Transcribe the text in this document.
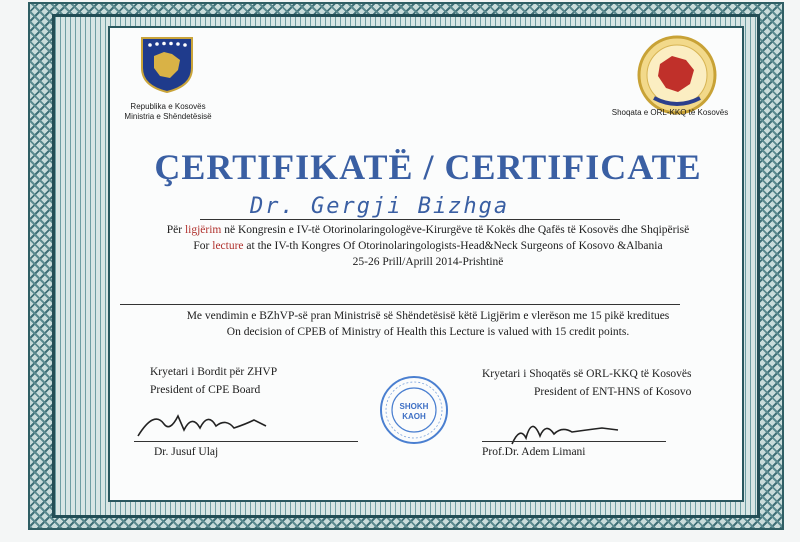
Republika e Kosovës
Ministria e Shëndetësisë	Shoqata e ORL-KKQ të Kosovës
ÇERTIFIKATË / CERTIFICATE
Dr. Gergji Bizhga
Për ligjërim në Kongresin e IV-të Otorinolaringologëve-Kirurgëve të Kokës dhe Qafës të Kosovës dhe Shqipërisë
For lecture at the IV-th Kongres Of Otorinolaringologists-Head&Neck Surgeons of Kosovo &Albania
25-26 Prill/Aprill 2014-Prishtinë
Me vendimin e BZhVP-së pran Ministrisë së Shëndetësisë këtë Ligjërim e vlerëson me 15 pikë kreditues
On decision of CPEB of Ministry of Health this Lecture is valued with 15 credit points.
Kryetari i Bordit për ZHVP
President of CPE Board
Dr. Jusuf Ulaj
SHOKH KAOH
Kryetari i Shoqatës së ORL-KKQ të Kosovës
President of ENT-HNS of Kosovo
Prof.Dr. Adem Limani
